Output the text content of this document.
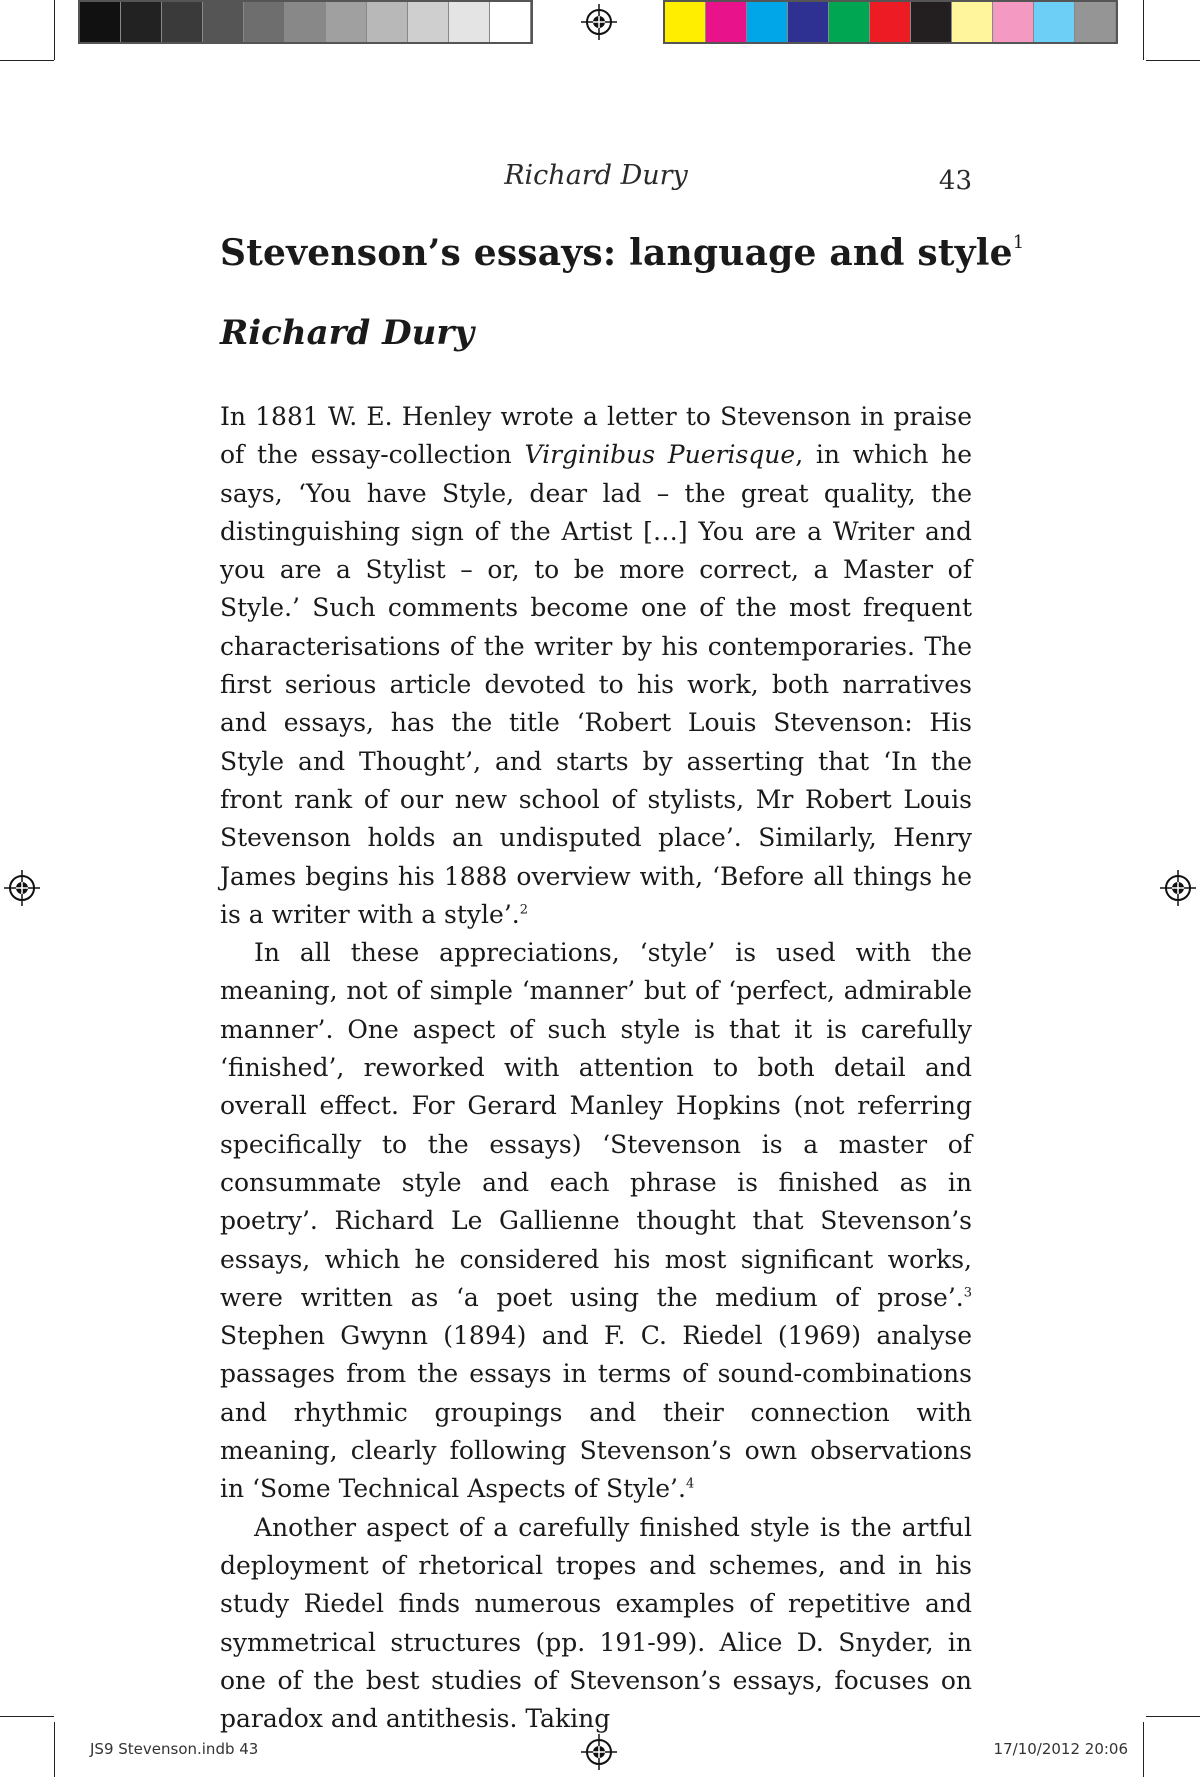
Richard Dury	43
Stevenson’s essays: language and style$^1$
Richard Dury

In 1881 W. E. Henley wrote a letter to Stevenson in praise of the essay-collection Virginibus Puerisque, in which he says, ‘You have Style, dear lad – the great quality, the distinguishing sign of the Artist […] You are a Writer and you are a Stylist – or, to be more correct, a Master of Style.’ Such comments become one of the most frequent characterisations of the writer by his contemporaries. The first serious article devoted to his work, both narratives and essays, has the title ‘Robert Louis Stevenson: His Style and Thought’, and starts by asserting that ‘In the front rank of our new school of stylists, Mr Robert Louis Stevenson holds an undisputed place’. Similarly, Henry James begins his 1888 overview with, ‘Before all things he is a writer with a style’.$^2$

In all these appreciations, ‘style’ is used with the meaning, not of simple ‘manner’ but of ‘perfect, admirable manner’. One aspect of such style is that it is carefully ‘finished’, reworked with attention to both detail and overall effect. For Gerard Manley Hopkins (not referring specifically to the essays) ‘Stevenson is a master of consummate style and each phrase is finished as in poetry’. Richard Le Gallienne thought that Stevenson’s essays, which he considered his most significant works, were written as ‘a poet using the medium of prose’.$^3$ Stephen Gwynn (1894) and F. C. Riedel (1969) analyse passages from the essays in terms of sound-combinations and rhythmic groupings and their connection with meaning, clearly following Stevenson’s own observations in ‘Some Technical Aspects of Style’.$^4$

Another aspect of a carefully finished style is the artful deployment of rhetorical tropes and schemes, and in his study Riedel finds numerous examples of repetitive and symmetrical structures (pp. 191-99). Alice D. Snyder, in one of the best studies of Stevenson’s essays, focuses on paradox and antithesis. Taking

JS9 Stevenson.indb 43	17/10/2012 20:06
